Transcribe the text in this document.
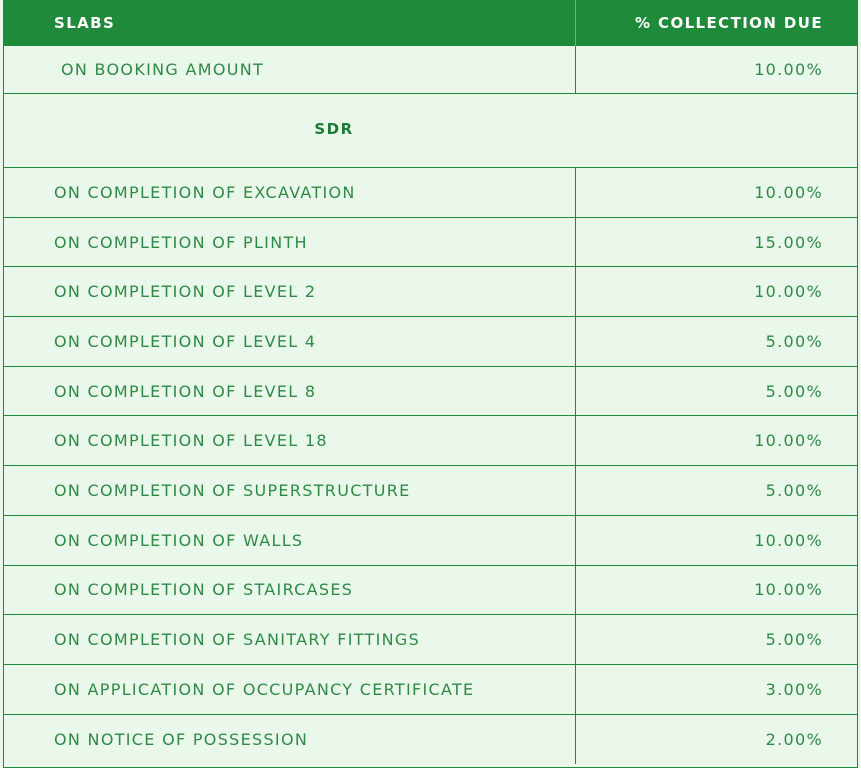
SLABS	% COLLECTION DUE
ON BOOKING AMOUNT	10.00%
SDR
ON COMPLETION OF EXCAVATION	10.00%
ON COMPLETION OF PLINTH	15.00%
ON COMPLETION OF LEVEL 2	10.00%
ON COMPLETION OF LEVEL 4	5.00%
ON COMPLETION OF LEVEL 8	5.00%
ON COMPLETION OF LEVEL 18	10.00%
ON COMPLETION OF SUPERSTRUCTURE	5.00%
ON COMPLETION OF WALLS	10.00%
ON COMPLETION OF STAIRCASES	10.00%
ON COMPLETION OF SANITARY FITTINGS	5.00%
ON APPLICATION OF OCCUPANCY CERTIFICATE	3.00%
ON NOTICE OF POSSESSION	2.00%
